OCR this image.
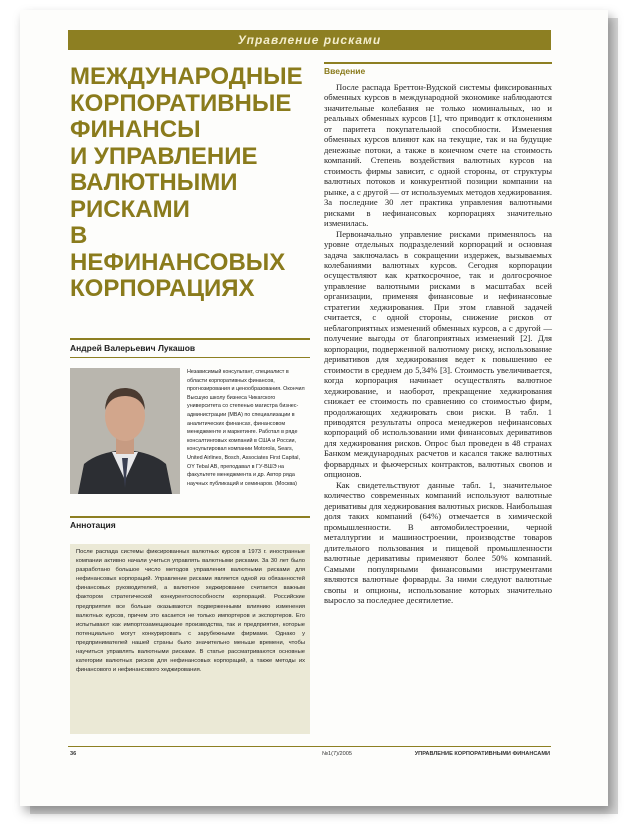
Управление рисками
МЕЖДУНАРОДНЫЕ
КОРПОРАТИВНЫЕ
ФИНАНСЫ
И УПРАВЛЕНИЕ
ВАЛЮТНЫМИ
РИСКАМИ
В НЕФИНАНСОВЫХ
КОРПОРАЦИЯХ
Андрей Валерьевич Лукашов
Независимый консультант, специалист в области корпоративных финансов, прогнозирования и ценообразования. Окончил Высшую школу бизнеса Чикагского университета со степенью магистра бизнес-администрации (MBA) по специализации в аналитических финансах, финансовом менеджменте и маркетинге. Работал в ряде консалтинговых компаний в США и России, консультировал компании Motorola, Sears, United Airlines, Bosch, Associates First Capital, OY Tebal AB, преподавал в ГУ-ВШЭ на факультете менеджмента и др. Автор ряда научных публикаций и семинаров. (Москва)
Аннотация
После распада системы фиксированных валютных курсов в 1973 г. иностранные компании активно начали учиться управлять валютными рисками. За 30 лет было разработано большое число методов управления валютными рисками для нефинансовых корпораций. Управление рисками является одной из обязанностей финансовых руководителей, а валютное хеджирование считается важным фактором стратегической конкурентоспособности корпораций. Российские предприятия все больше оказываются подверженными влиянию изменения валютных курсов, причем это касается не только импортеров и экспортеров. Его испытывают как импортозамещающие производства, так и предприятия, которые потенциально могут конкурировать с зарубежными фирмами. Однако у предпринимателей нашей страны было значительно меньше времени, чтобы научиться управлять валютными рисками. В статье рассматриваются основные категории валютных рисков для нефинансовых корпораций, а также методы их финансового и нефинансового хеджирования.
Введение

После распада Бреттон-Вудской системы фиксированных обменных курсов в международной экономике наблюдаются значительные колебания не только номинальных, но и реальных обменных курсов [1], что приводит к отклонениям от паритета покупательной способности. Изменения обменных курсов влияют как на текущие, так и на будущие денежные потоки, а также в конечном счете на стоимость компаний. Степень воздействия валютных курсов на стоимость фирмы зависит, с одной стороны, от структуры валютных потоков и конкурентной позиции компании на рынке, а с другой — от используемых методов хеджирования. За последние 30 лет практика управления валютными рисками в нефинансовых корпорациях значительно изменилась.

Первоначально управление рисками применялось на уровне отдельных подразделений корпораций и основная задача заключалась в сокращении издержек, вызываемых колебаниями валютных курсов. Сегодня корпорации осуществляют как краткосрочное, так и долгосрочное управление валютными рисками в масштабах всей организации, применяя финансовые и нефинансовые стратегии хеджирования. При этом главной задачей считается, с одной стороны, снижение рисков от неблагоприятных изменений обменных курсов, а с другой — получение выгоды от благоприятных изменений [2]. Для корпорации, подверженной валютному риску, использование деривативов для хеджирования ведет к повышению ее стоимости в среднем до 5,34% [3]. Стоимость увеличивается, когда корпорация начинает осуществлять валютное хеджирование, и наоборот, прекращение хеджирования снижает ее стоимость по сравнению со стоимостью фирм, продолжающих хеджировать свои риски. В табл. 1 приводятся результаты опроса менеджеров нефинансовых корпораций об использовании ими финансовых деривативов для хеджирования рисков. Опрос был проведен в 48 странах Банком международных расчетов и касался также валютных форвардных и фьючерсных контрактов, валютных свопов и опционов.

Как свидетельствуют данные табл. 1, значительное количество современных компаний используют валютные деривативы для хеджирования валютных рисков. Наибольшая доля таких компаний (64%) отмечается в химической промышленности. В автомобилестроении, черной металлургии и машиностроении, производстве товаров длительного пользования и пищевой промышленности валютные деривативы применяют более 50% компаний. Самыми популярными финансовыми инструментами являются валютные форварды. За ними следуют валютные свопы и опционы, использование которых значительно выросло за последнее десятилетие.

36	№1(7)/2005	УПРАВЛЕНИЕ КОРПОРАТИВНЫМИ ФИНАНСАМИ
